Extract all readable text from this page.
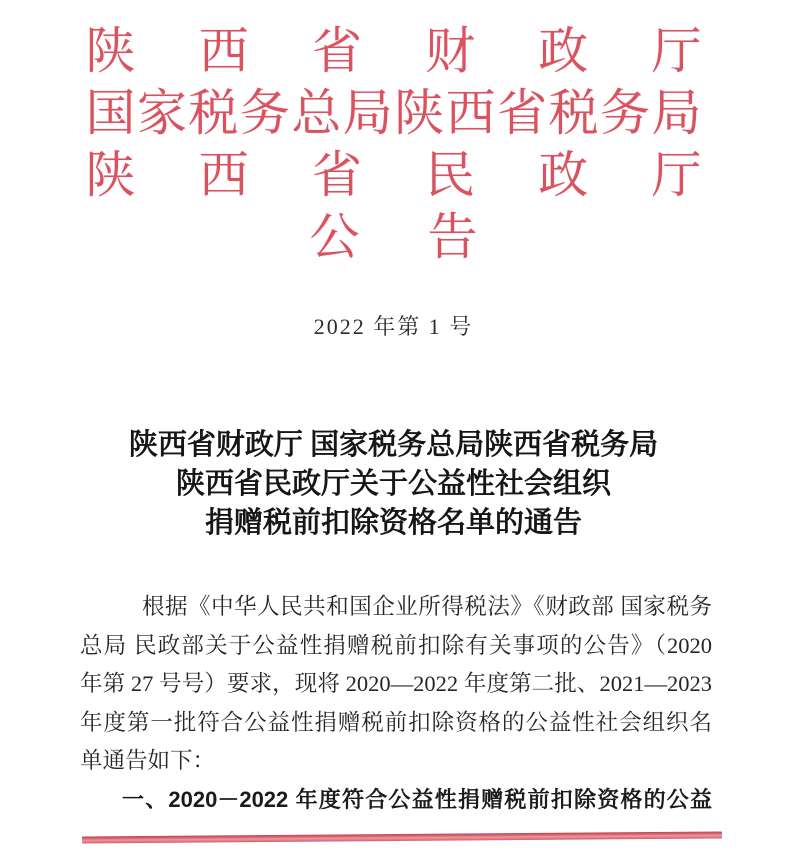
陕 西 省 财 政 厅
国 家 税 务 总 局 陕 西 省 税 务 局
陕 西 省 民 政 厅
公 告
2022 年第 1 号
陕西省财政厅 国家税务总局陕西省税务局
陕西省民政厅关于公益性社会组织
捐赠税前扣除资格名单的通告

根据《中华人民共和国企业所得税法》《财政部 国家税务

总局 民政部关于公益性捐赠税前扣除有关事项的公告》（2020

年第 27 号号）要求，现将 2020—2022 年度第二批、2021—2023

年度第一批符合公益性捐赠税前扣除资格的公益性社会组织名

单通告如下：

一、2020－2022 年度符合公益性捐赠税前扣除资格的公益
